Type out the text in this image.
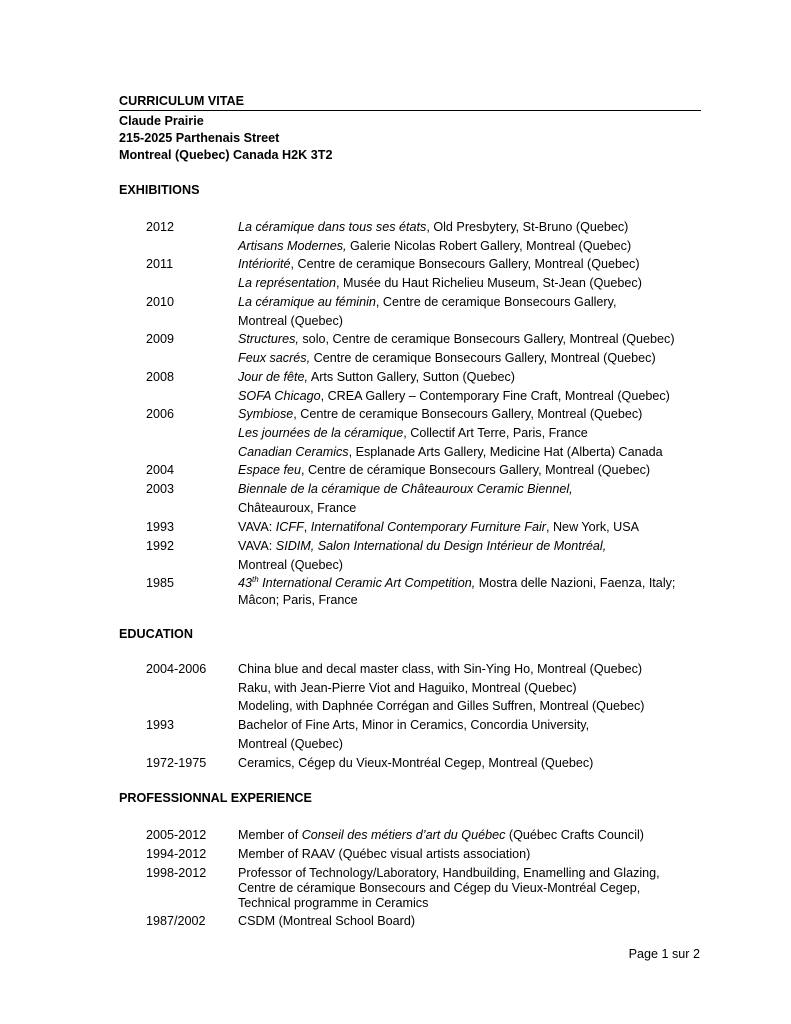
CURRICULUM VITAE
Claude Prairie
215-2025 Parthenais Street
Montreal (Quebec) Canada H2K 3T2
EXHIBITIONS
2012	La céramique dans tous ses états, Old Presbytery, St-Bruno (Quebec)
Artisans Modernes, Galerie Nicolas Robert Gallery, Montreal (Quebec)
2011	Intériorité, Centre de ceramique Bonsecours Gallery, Montreal (Quebec)
La représentation, Musée du Haut Richelieu Museum, St-Jean (Quebec)
2010	La céramique au féminin, Centre de ceramique Bonsecours Gallery,
Montreal (Quebec)
2009	Structures, solo, Centre de ceramique Bonsecours Gallery, Montreal (Quebec)
Feux sacrés, Centre de ceramique Bonsecours Gallery, Montreal (Quebec)
2008	Jour de fête, Arts Sutton Gallery, Sutton (Quebec)
SOFA Chicago, CREA Gallery – Contemporary Fine Craft, Montreal (Quebec)
2006	Symbiose, Centre de ceramique Bonsecours Gallery, Montreal (Quebec)
Les journées de la céramique, Collectif Art Terre, Paris, France
Canadian Ceramics, Esplanade Arts Gallery, Medicine Hat (Alberta) Canada
2004	Espace feu, Centre de céramique Bonsecours Gallery, Montreal (Quebec)
2003	Biennale de la céramique de Châteauroux Ceramic Biennel,
Châteauroux, France
1993	VAVA: ICFF, Internatifonal Contemporary Furniture Fair, New York, USA
1992	VAVA: SIDIM, Salon International du Design Intérieur de Montréal,
Montreal (Quebec)
1985	43th International Ceramic Art Competition, Mostra delle Nazioni, Faenza, Italy;
Mâcon; Paris, France
EDUCATION
2004-2006	China blue and decal master class, with Sin-Ying Ho, Montreal (Quebec)
Raku, with Jean-Pierre Viot and Haguiko, Montreal (Quebec)
Modeling, with Daphnée Corrégan and Gilles Suffren, Montreal (Quebec)
1993	Bachelor of Fine Arts, Minor in Ceramics, Concordia University,
Montreal (Quebec)
1972-1975	Ceramics, Cégep du Vieux-Montréal Cegep, Montreal (Quebec)
PROFESSIONNAL EXPERIENCE
2005-2012	Member of Conseil des métiers d’art du Québec (Québec Crafts Council)
1994-2012	Member of RAAV (Québec visual artists association)
1998-2012	Professor of Technology/Laboratory, Handbuilding, Enamelling and Glazing,
Centre de céramique Bonsecours and Cégep du Vieux-Montréal Cegep,
Technical programme in Ceramics
1987/2002	CSDM (Montreal School Board)
Page 1 sur 2
